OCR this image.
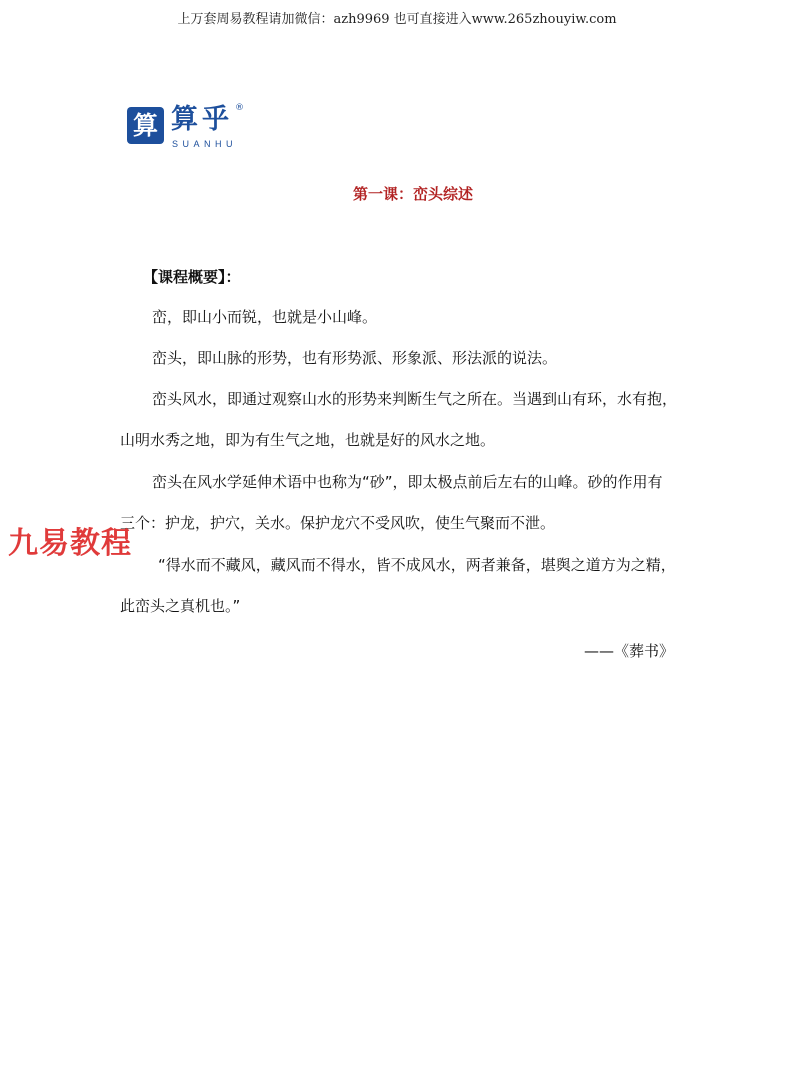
上万套周易教程请加微信：azh9969 也可直接进入www.265zhouyiw.com
算 算乎 ®
SUANHU
第一课：峦头综述
【课程概要】：
峦，即山小而锐，也就是小山峰。
峦头，即山脉的形势，也有形势派、形象派、形法派的说法。
峦头风水，即通过观察山水的形势来判断生气之所在。当遇到山有环，水有抱，
山明水秀之地，即为有生气之地，也就是好的风水之地。
峦头在风水学延伸术语中也称为“砂”，即太极点前后左右的山峰。砂的作用有
三个：护龙，护穴，关水。保护龙穴不受风吹，使生气聚而不泄。
“得水而不藏风，藏风而不得水，皆不成风水，两者兼备，堪舆之道方为之精，
此峦头之真机也。”
——《葬书》
九易教程
